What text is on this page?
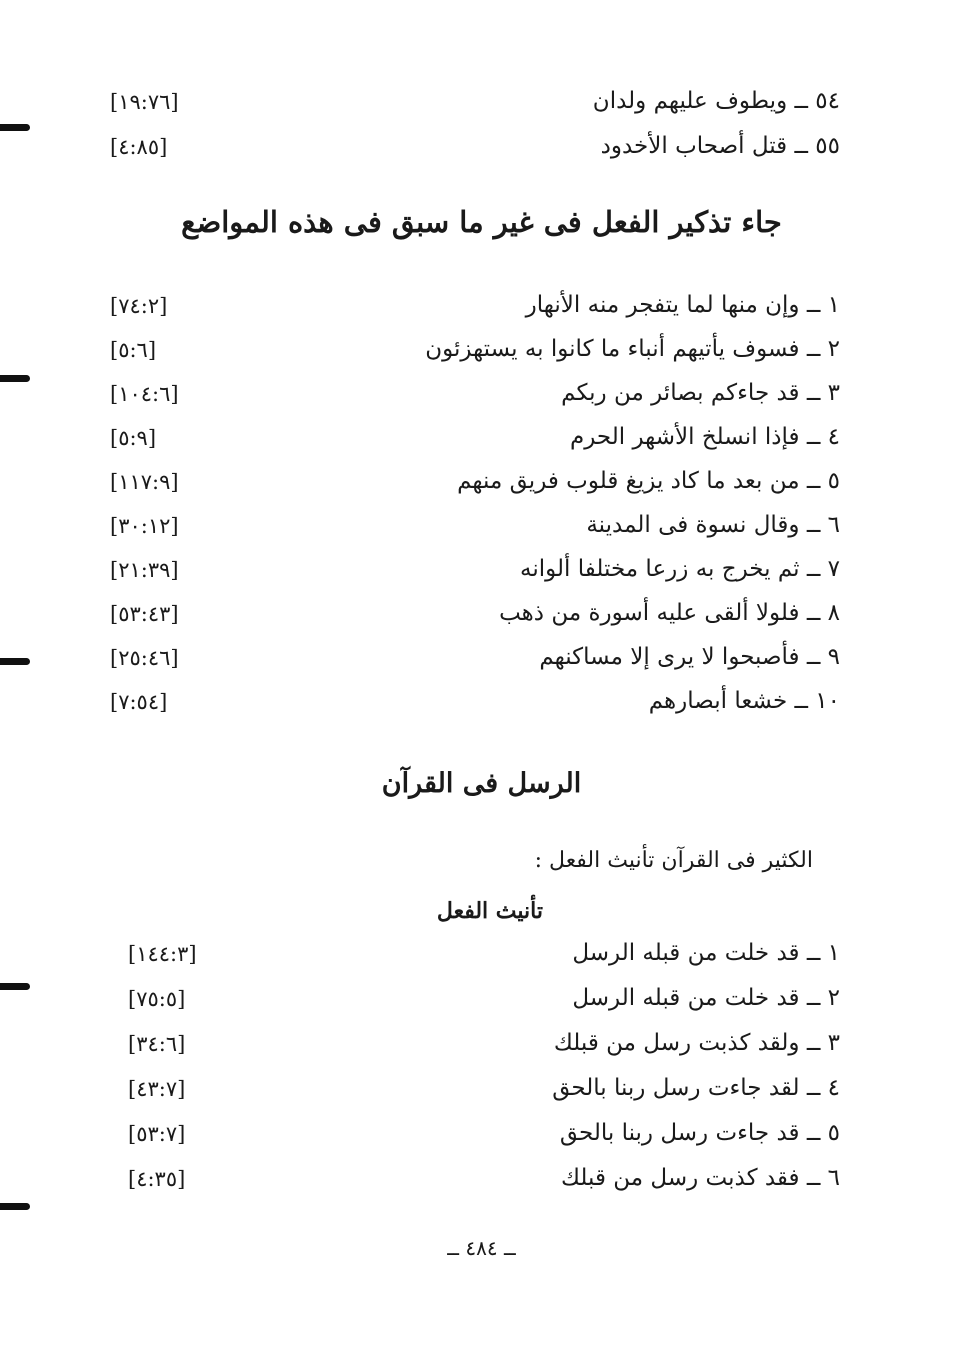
٥٤ ــ ويطوف عليهم ولدان
[١٩:٧٦]
٥٥ ــ قتل أصحاب الأخدود
[٤:٨٥]
جاء تذكير الفعل فى غير ما سبق فى هذه المواضع
١ ــ وإن منها لما يتفجر منه الأنهار
[٧٤:٢]
٢ ــ فسوف يأتيهم أنباء ما كانوا به يستهزئون
[٥:٦]
٣ ــ قد جاءكم بصائر من ربكم
[١٠٤:٦]
٤ ــ فإذا انسلخ الأشهر الحرم
[٥:٩]
٥ ــ من بعد ما كاد يزيغ قلوب فريق منهم
[١١٧:٩]
٦ ــ وقال نسوة فى المدينة
[٣٠:١٢]
٧ ــ ثم يخرج به زرعا مختلفا ألوانه
[٢١:٣٩]
٨ ــ فلولا ألقى عليه أسورة من ذهب
[٥٣:٤٣]
٩ ــ فأصبحوا لا يرى إلا مساكنهم
[٢٥:٤٦]
١٠ ــ خشعا أبصارهم
[٧:٥٤]
الرسل فى القرآن
الكثير فى القرآن تأنيث الفعل :
تأنيث الفعل
١ ــ قد خلت من قبله الرسل
[١٤٤:٣]
٢ ــ قد خلت من قبله الرسل
[٧٥:٥]
٣ ــ ولقد كذبت رسل من قبلك
[٣٤:٦]
٤ ــ لقد جاءت رسل ربنا بالحق
[٤٣:٧]
٥ ــ قد جاءت رسل ربنا بالحق
[٥٣:٧]
٦ ــ فقد كذبت رسل من قبلك
[٤:٣٥]
ــ ٤٨٤ ــ
